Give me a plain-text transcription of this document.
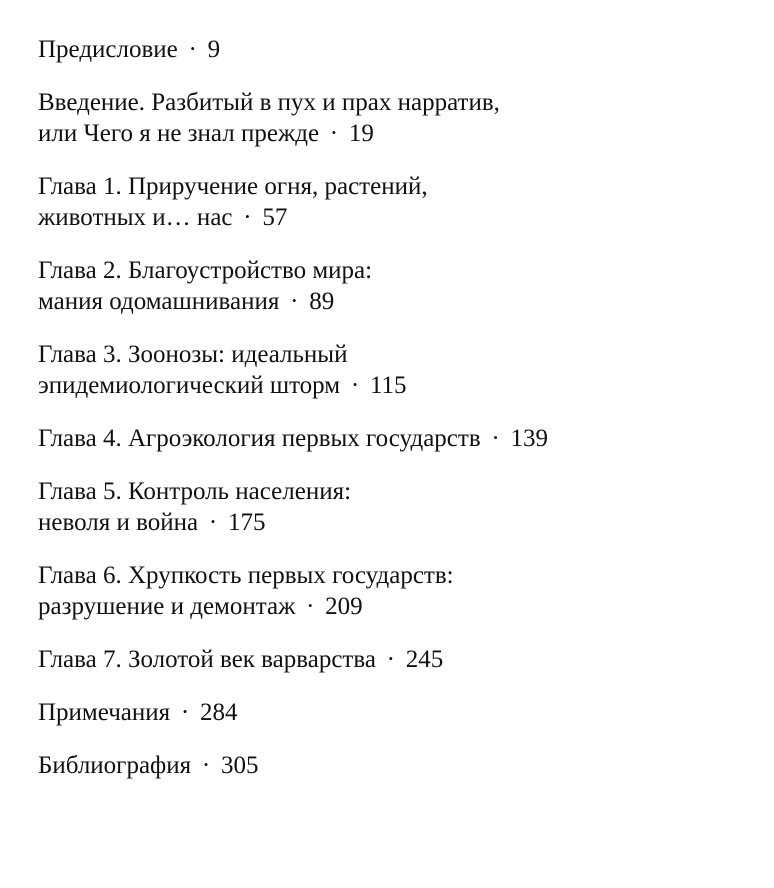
Предисловие · 9
Введение. Разбитый в пух и прах нарратив,
или Чего я не знал прежде · 19
Глава 1. Приручение огня, растений,
животных и… нас · 57
Глава 2. Благоустройство мира:
мания одомашнивания · 89
Глава 3. Зоонозы: идеальный
эпидемиологический шторм · 115
Глава 4. Агроэкология первых государств · 139
Глава 5. Контроль населения:
неволя и война · 175
Глава 6. Хрупкость первых государств:
разрушение и демонтаж · 209
Глава 7. Золотой век варварства · 245
Примечания · 284
Библиография · 305
